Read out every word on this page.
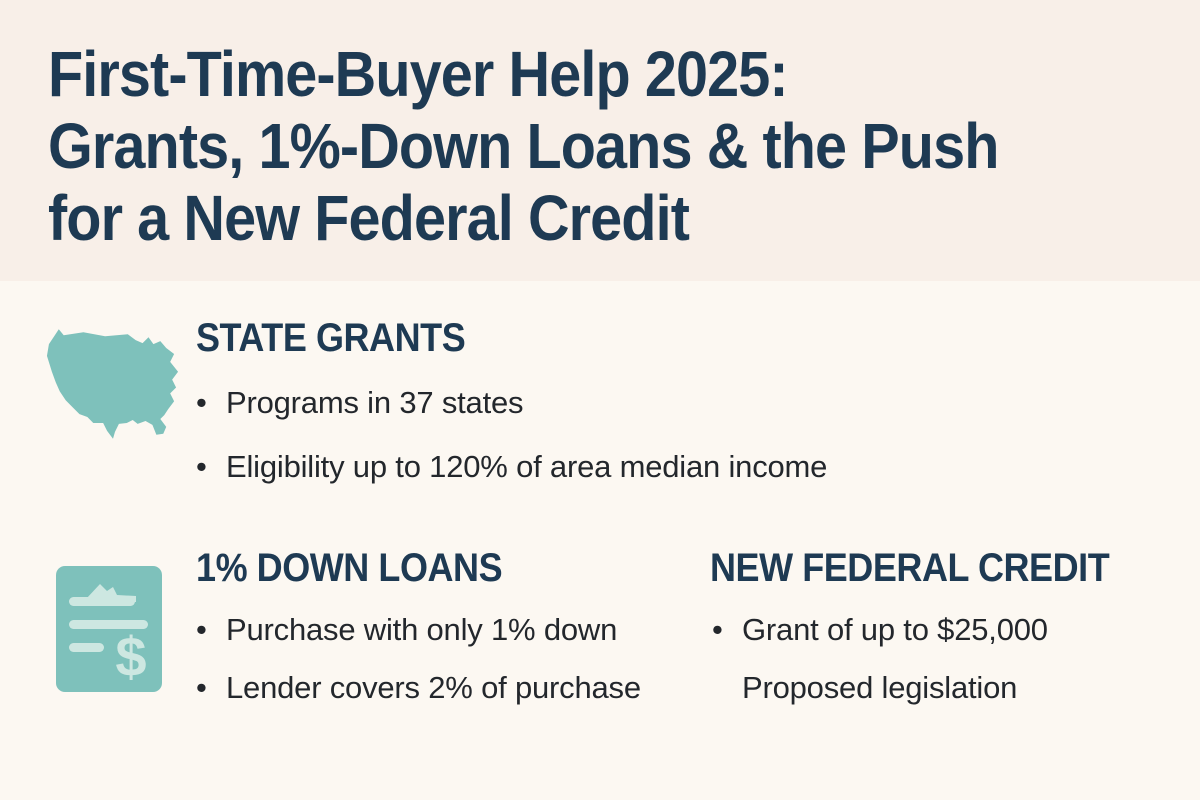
First-Time-Buyer Help 2025:
Grants, 1%-Down Loans & the Push
for a New Federal Credit
STATE GRANTS
• Programs in 37 states
• Eligibility up to 120% of area median income
$
1% DOWN LOANS
• Purchase with only 1% down
• Lender covers 2% of purchase
NEW FEDERAL CREDIT
• Grant of up to $25,000
Proposed legislation
